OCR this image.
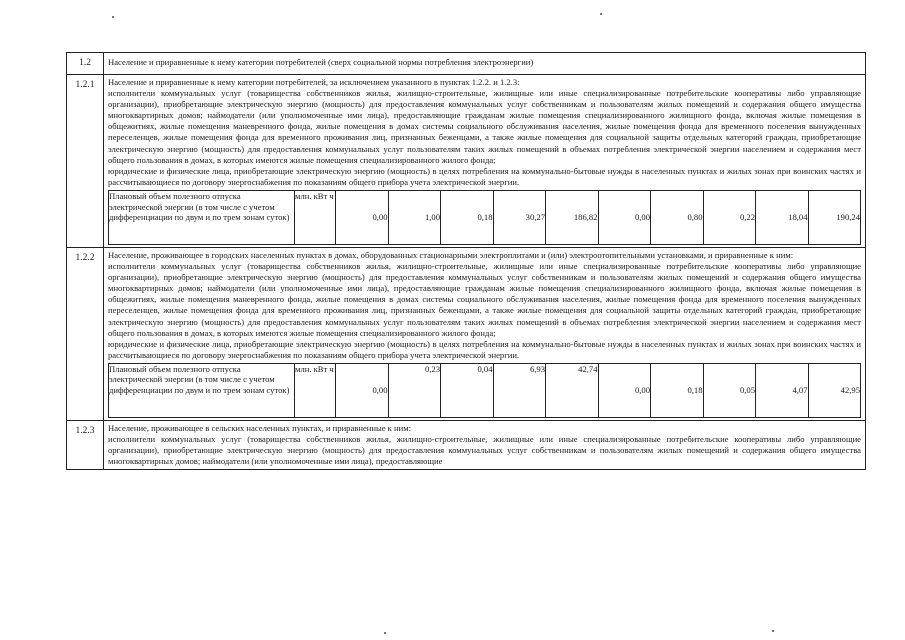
1.2	Население и приравненные к нему категории потребителей (сверх социальной нормы потребления электроэнергии)

1.2.1	Население и приравненные к нему категории потребителей, за исключением указанного в пунктах 1.2.2. и 1.2.3:

исполнители коммунальных услуг (товарищества собственников жилья, жилищно-строительные, жилищные или иные специализированные потребительские кооперативы либо управляющие организации), приобретающие электрическую энергию (мощность) для предоставления коммунальных услуг собственникам и пользователям жилых помещений и содержания общего имущества многоквартирных домов; наймодатели (или уполномоченные ими лица), предоставляющие гражданам жилые помещения специализированного жилищного фонда, включая жилые помещения в общежитиях, жилые помещения маневренного фонда, жилые помещения в домах системы социального обслуживания населения, жилые помещения фонда для временного поселения вынужденных переселенцев, жилые помещения фонда для временного проживания лиц, признанных беженцами, а также жилые помещения для социальной защиты отдельных категорий граждан, приобретающие электрическую энергию (мощность) для предоставления коммунальных услуг пользователям таких жилых помещений в объемах потребления электрической энергии населением и содержания мест общего пользования в домах, в которых имеются жилые помещения специализированного жилого фонда;

юридические и физические лица, приобретающие электрическую энергию (мощность) в целях потребления на коммунально-бытовые нужды в населенных пунктах и жилых зонах при воинских частях и рассчитывающиеся по договору энергоснабжения по показаниям общего прибора учета электрической энергии.

Плановый объем полезного отпуска электрической энергии (в том числе с учетом дифференциации по двум и по трем зонам суток)	млн. кВт ч	0,00	1,00	0,18	30,27	186,82	0,00	0,80	0,22	18,04	190,24

1.2.2	Население, проживающее в городских населенных пунктах в домах, оборудованных стационарными электроплитами и (или) электроотопительными установками, и приравненные к ним:

исполнители коммунальных услуг (товарищества собственников жилья, жилищно-строительные, жилищные или иные специализированные потребительские кооперативы либо управляющие организации), приобретающие электрическую энергию (мощность) для предоставления коммунальных услуг собственникам и пользователям жилых помещений и содержания общего имущества многоквартирных домов; наймодатели (или уполномоченные ими лица), предоставляющие гражданам жилые помещения специализированного жилищного фонда, включая жилые помещения в общежитиях, жилые помещения маневренного фонда, жилые помещения в домах системы социального обслуживания населения, жилые помещения фонда для временного поселения вынужденных переселенцев, жилые помещения фонда для временного проживания лиц, признанных беженцами, а также жилые помещения для социальной защиты отдельных категорий граждан, приобретающие электрическую энергию (мощность) для предоставления коммунальных услуг пользователям таких жилых помещений в объемах потребления электрической энергии населением и содержания мест общего пользования в домах, в которых имеются жилые помещения специализированного жилого фонда;

юридические и физические лица, приобретающие электрическую энергию (мощность) в целях потребления на коммунально-бытовые нужды в населенных пунктах и жилых зонах при воинских частях и рассчитывающиеся по договору энергоснабжения по показаниям общего прибора учета электрической энергии.

Плановый объем полезного отпуска электрической энергии (в том числе с учетом дифференциации по двум и по трем зонам суток)	млн. кВт ч	0,00	0,23	0,04	6,93	42,74	0,00	0,18	0,05	4,07	42,95

1.2.3	Население, проживающее в сельских населенных пунктах, и приравненные к ним:

исполнители коммунальных услуг (товарищества собственников жилья, жилищно-строительные, жилищные или иные специализированные потребительские кооперативы либо управляющие организации), приобретающие электрическую энергию (мощность) для предоставления коммунальных услуг собственникам и пользователям жилых помещений и содержания общего имущества многоквартирных домов; наймодатели (или уполномоченные ими лица), предоставляющие
